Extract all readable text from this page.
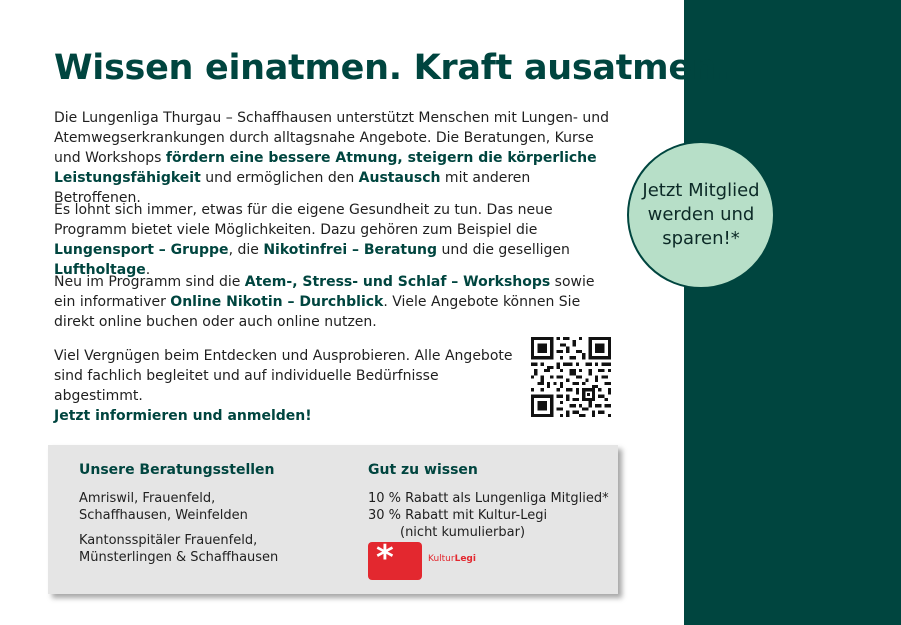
Jetzt Mitglied werden und sparen!*
Wissen einatmen. Kraft ausatmen.

Die Lungenliga Thurgau – Schaffhausen unterstützt Menschen mit Lungen- und Atemwegserkrankungen durch alltagsnahe Angebote. Die Beratungen, Kurse und Workshops fördern eine bessere Atmung, steigern die körperliche Leistungsfähigkeit und ermöglichen den Austausch mit anderen Betroffenen.

Es lohnt sich immer, etwas für die eigene Gesundheit zu tun. Das neue Programm bietet viele Möglichkeiten. Dazu gehören zum Beispiel die Lungensport – Gruppe, die Nikotinfrei – Beratung und die geselligen Luftholtage.

Neu im Programm sind die Atem-, Stress- und Schlaf – Workshops sowie ein informativer Online Nikotin – Durchblick. Viele Angebote können Sie direkt online buchen oder auch online nutzen.

Viel Vergnügen beim Entdecken und Ausprobieren. Alle Angebote sind fachlich begleitet und auf individuelle Bedürfnisse abgestimmt.
Jetzt informieren und anmelden!

Unsere Beratungsstellen
Amriswil, Frauenfeld,
Schaffhausen, Weinfelden
Kantonsspitäler Frauenfeld,
Münsterlingen & Schaffhausen
Gut zu wissen
10 % Rabatt als Lungenliga Mitglied*
30 % Rabatt mit Kultur-Legi
(nicht kumulierbar)
*	KulturLegi
